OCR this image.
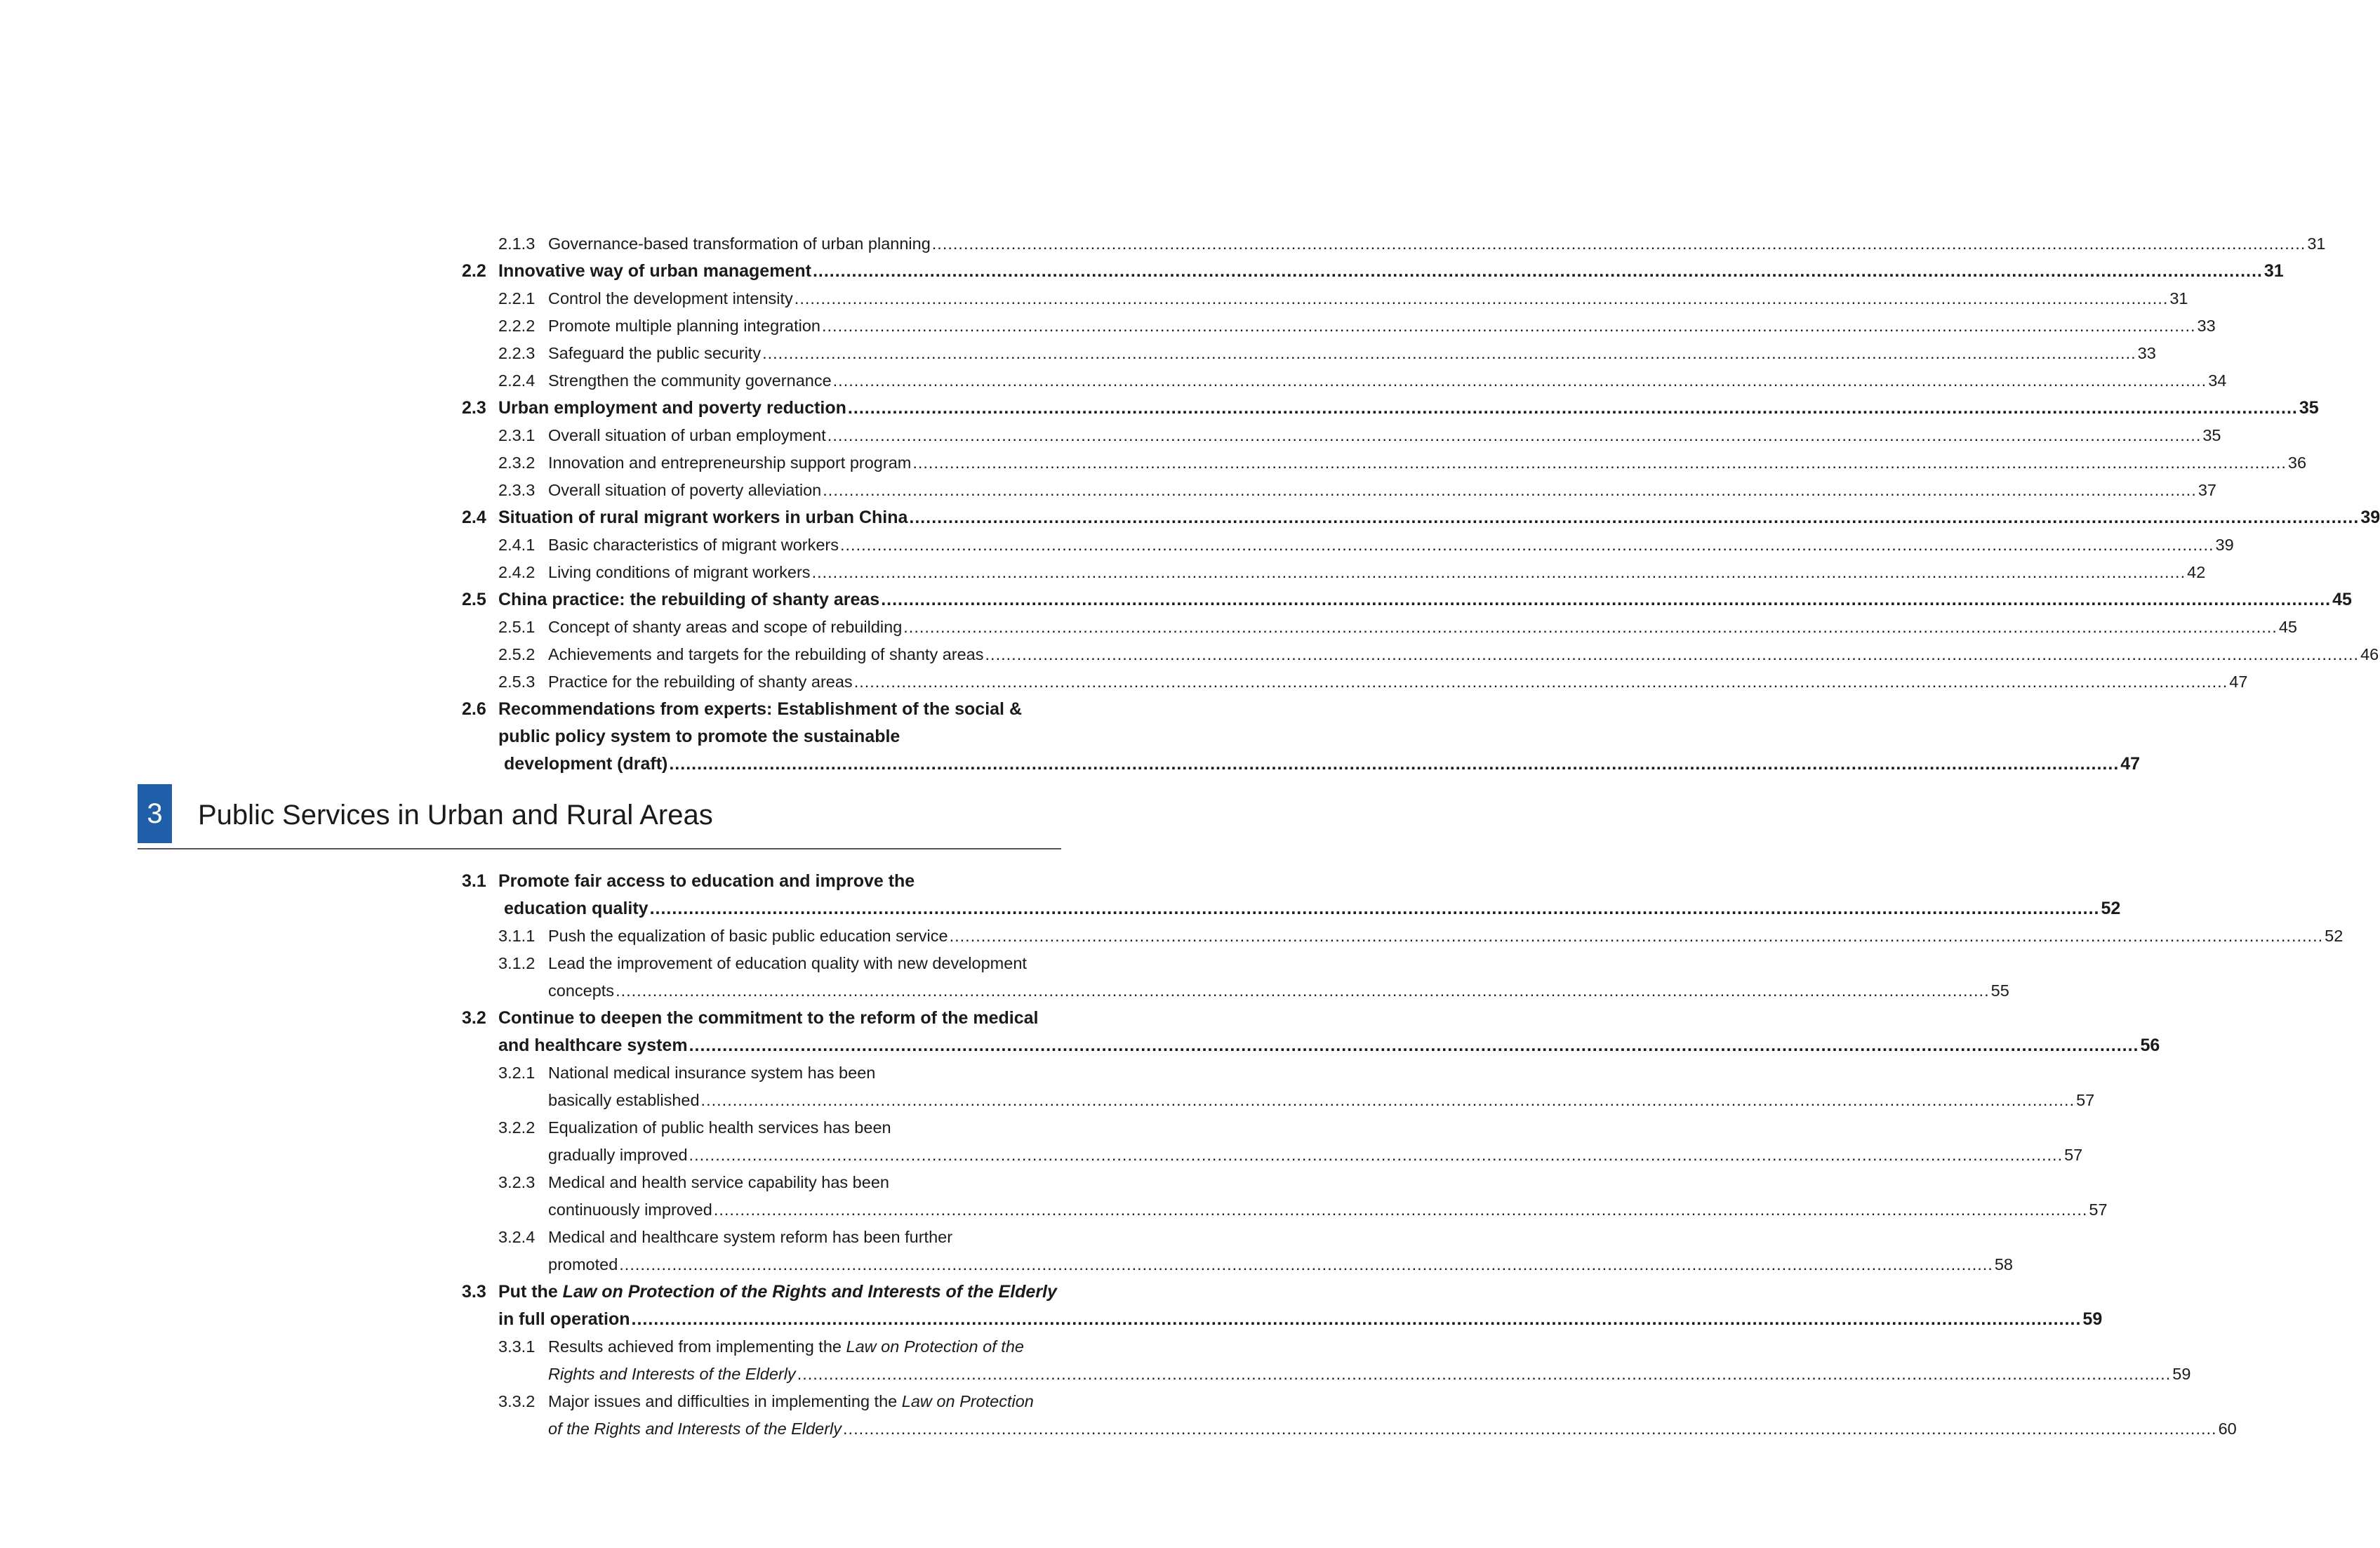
2.1.3 Governance-based transformation of urban planning .....	31
2.2 Innovative way of urban management .....	31
2.2.1 Control the development intensity .....	31
2.2.2 Promote multiple planning integration .....	33
2.2.3 Safeguard the public security .....	33
2.2.4 Strengthen the community governance .....	34
2.3 Urban employment and poverty reduction .....	35
2.3.1 Overall situation of urban employment .....	35
2.3.2 Innovation and entrepreneurship support program .....	36
2.3.3 Overall situation of poverty alleviation .....	37
2.4 Situation of rural migrant workers in urban China .....	39
2.4.1 Basic characteristics of migrant workers .....	39
2.4.2 Living conditions of migrant workers .....	42
2.5 China practice: the rebuilding of shanty areas .....	45
2.5.1 Concept of shanty areas and scope of rebuilding .....	45
2.5.2 Achievements and targets for the rebuilding of shanty areas .....	46
2.5.3 Practice for the rebuilding of shanty areas .....	47
2.6 Recommendations from experts: Establishment of the social &
public policy system to promote the sustainable
development (draft) .....	47
3	Public Services in Urban and Rural Areas
3.1 Promote fair access to education and improve the
education quality .....	52
3.1.1 Push the equalization of basic public education service .....	52
3.1.2 Lead the improvement of education quality with new development
concepts .....	55
3.2 Continue to deepen the commitment to the reform of the medical
and healthcare system .....	56
3.2.1 National medical insurance system has been
basically established .....	57
3.2.2 Equalization of public health services has been
gradually improved .....	57
3.2.3 Medical and health service capability has been
continuously improved .....	57
3.2.4 Medical and healthcare system reform has been further
promoted .....	58
3.3 Put the Law on Protection of the Rights and Interests of the Elderly
in full operation .....	59
3.3.1 Results achieved from implementing the Law on Protection of the
Rights and Interests of the Elderly .....	59
3.3.2 Major issues and difficulties in implementing the Law on Protection
of the Rights and Interests of the Elderly .....	60
